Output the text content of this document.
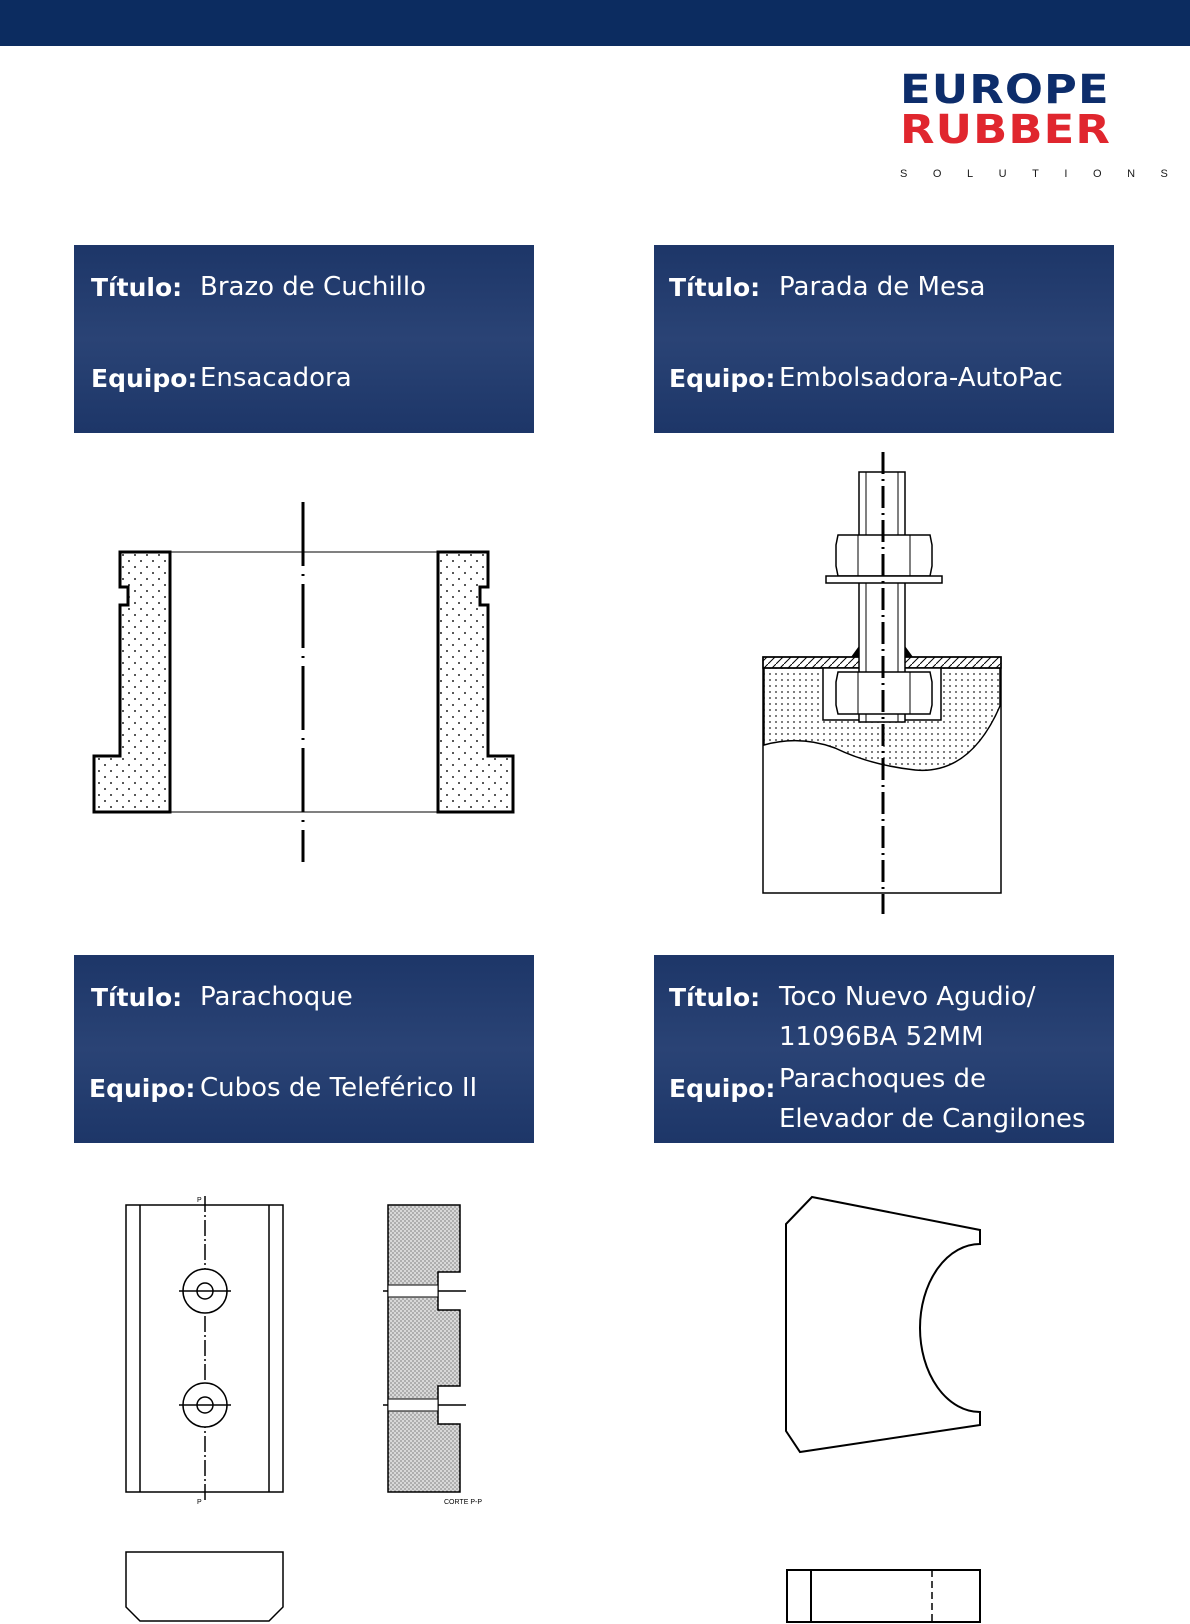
EUROPE
RUBBER
S O L U T I O N S
Título: Brazo de Cuchillo
Equipo: Ensacadora
Título: Parada de Mesa
Equipo: Embolsadora-AutoPac
Título: Parachoque
Equipo: Cubos de Teleférico II
Título: Toco Nuevo Agudio/
11096BA 52MM
Equipo: Parachoques de
Elevador de Cangilones
P
P	CORTE P-P
